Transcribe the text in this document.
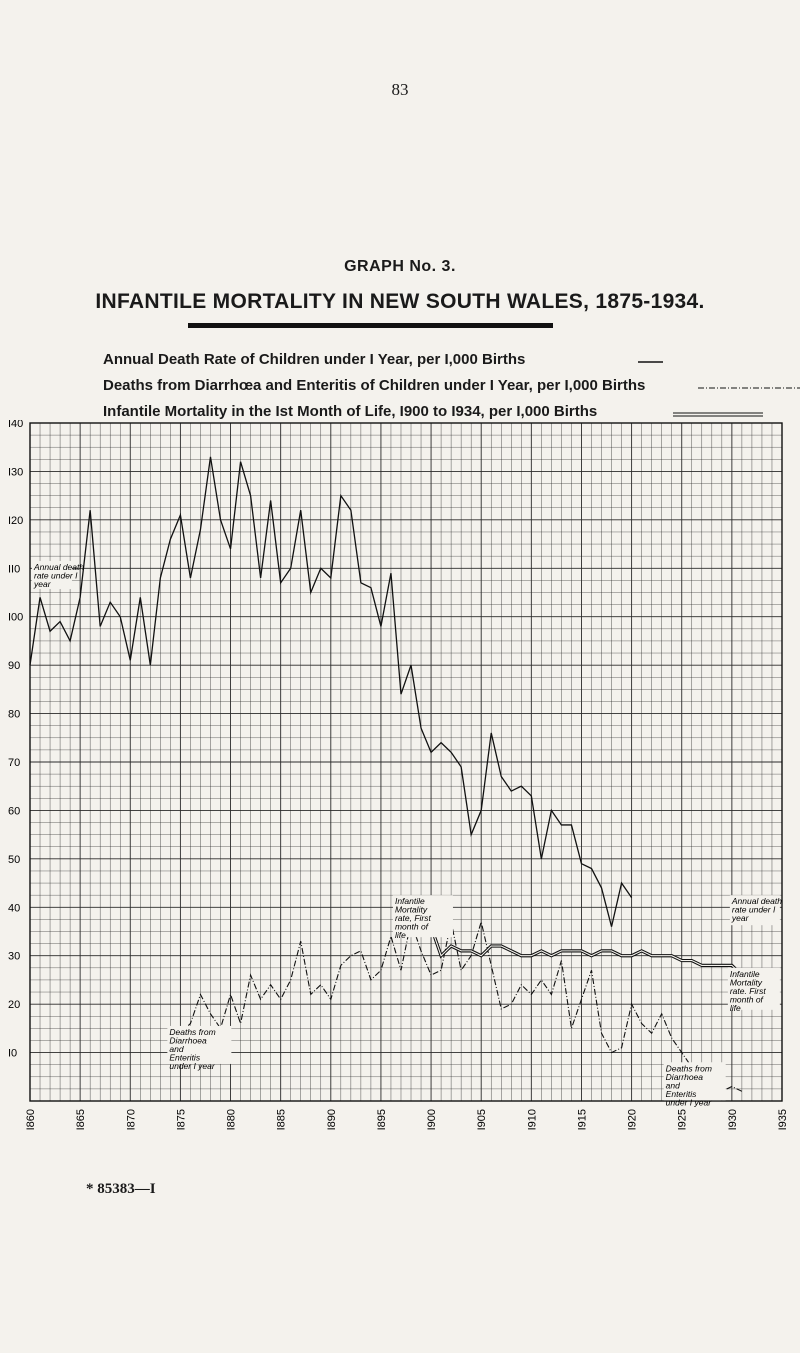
83
GRAPH No. 3.
INFANTILE MORTALITY IN NEW SOUTH WALES, 1875-1934.
Annual Death Rate of Children under I Year, per I,000 Births
Deaths from Diarrhœa and Enteritis of Children under I Year, per I,000 Births
Infantile Mortality in the Ist Month of Life, I900 to I934, per I,000 Births
I40
I30
I20
II0
I00
90
80
70
60
50
40
30
20
I0
I860	I865	I870	I875	I880	I885	I890	I895	I900	I905	I910	I915	I920	I925	I930	I935
Annual death rate under I year
Infantile Mortality rate, First month of life
Annual death rate under I year
Infantile Mortality rate. First month of life
Deaths from Diarrhoea and Enteritis under I year	Deaths from Diarrhoea and Enteritis under I year
* 85383—I
